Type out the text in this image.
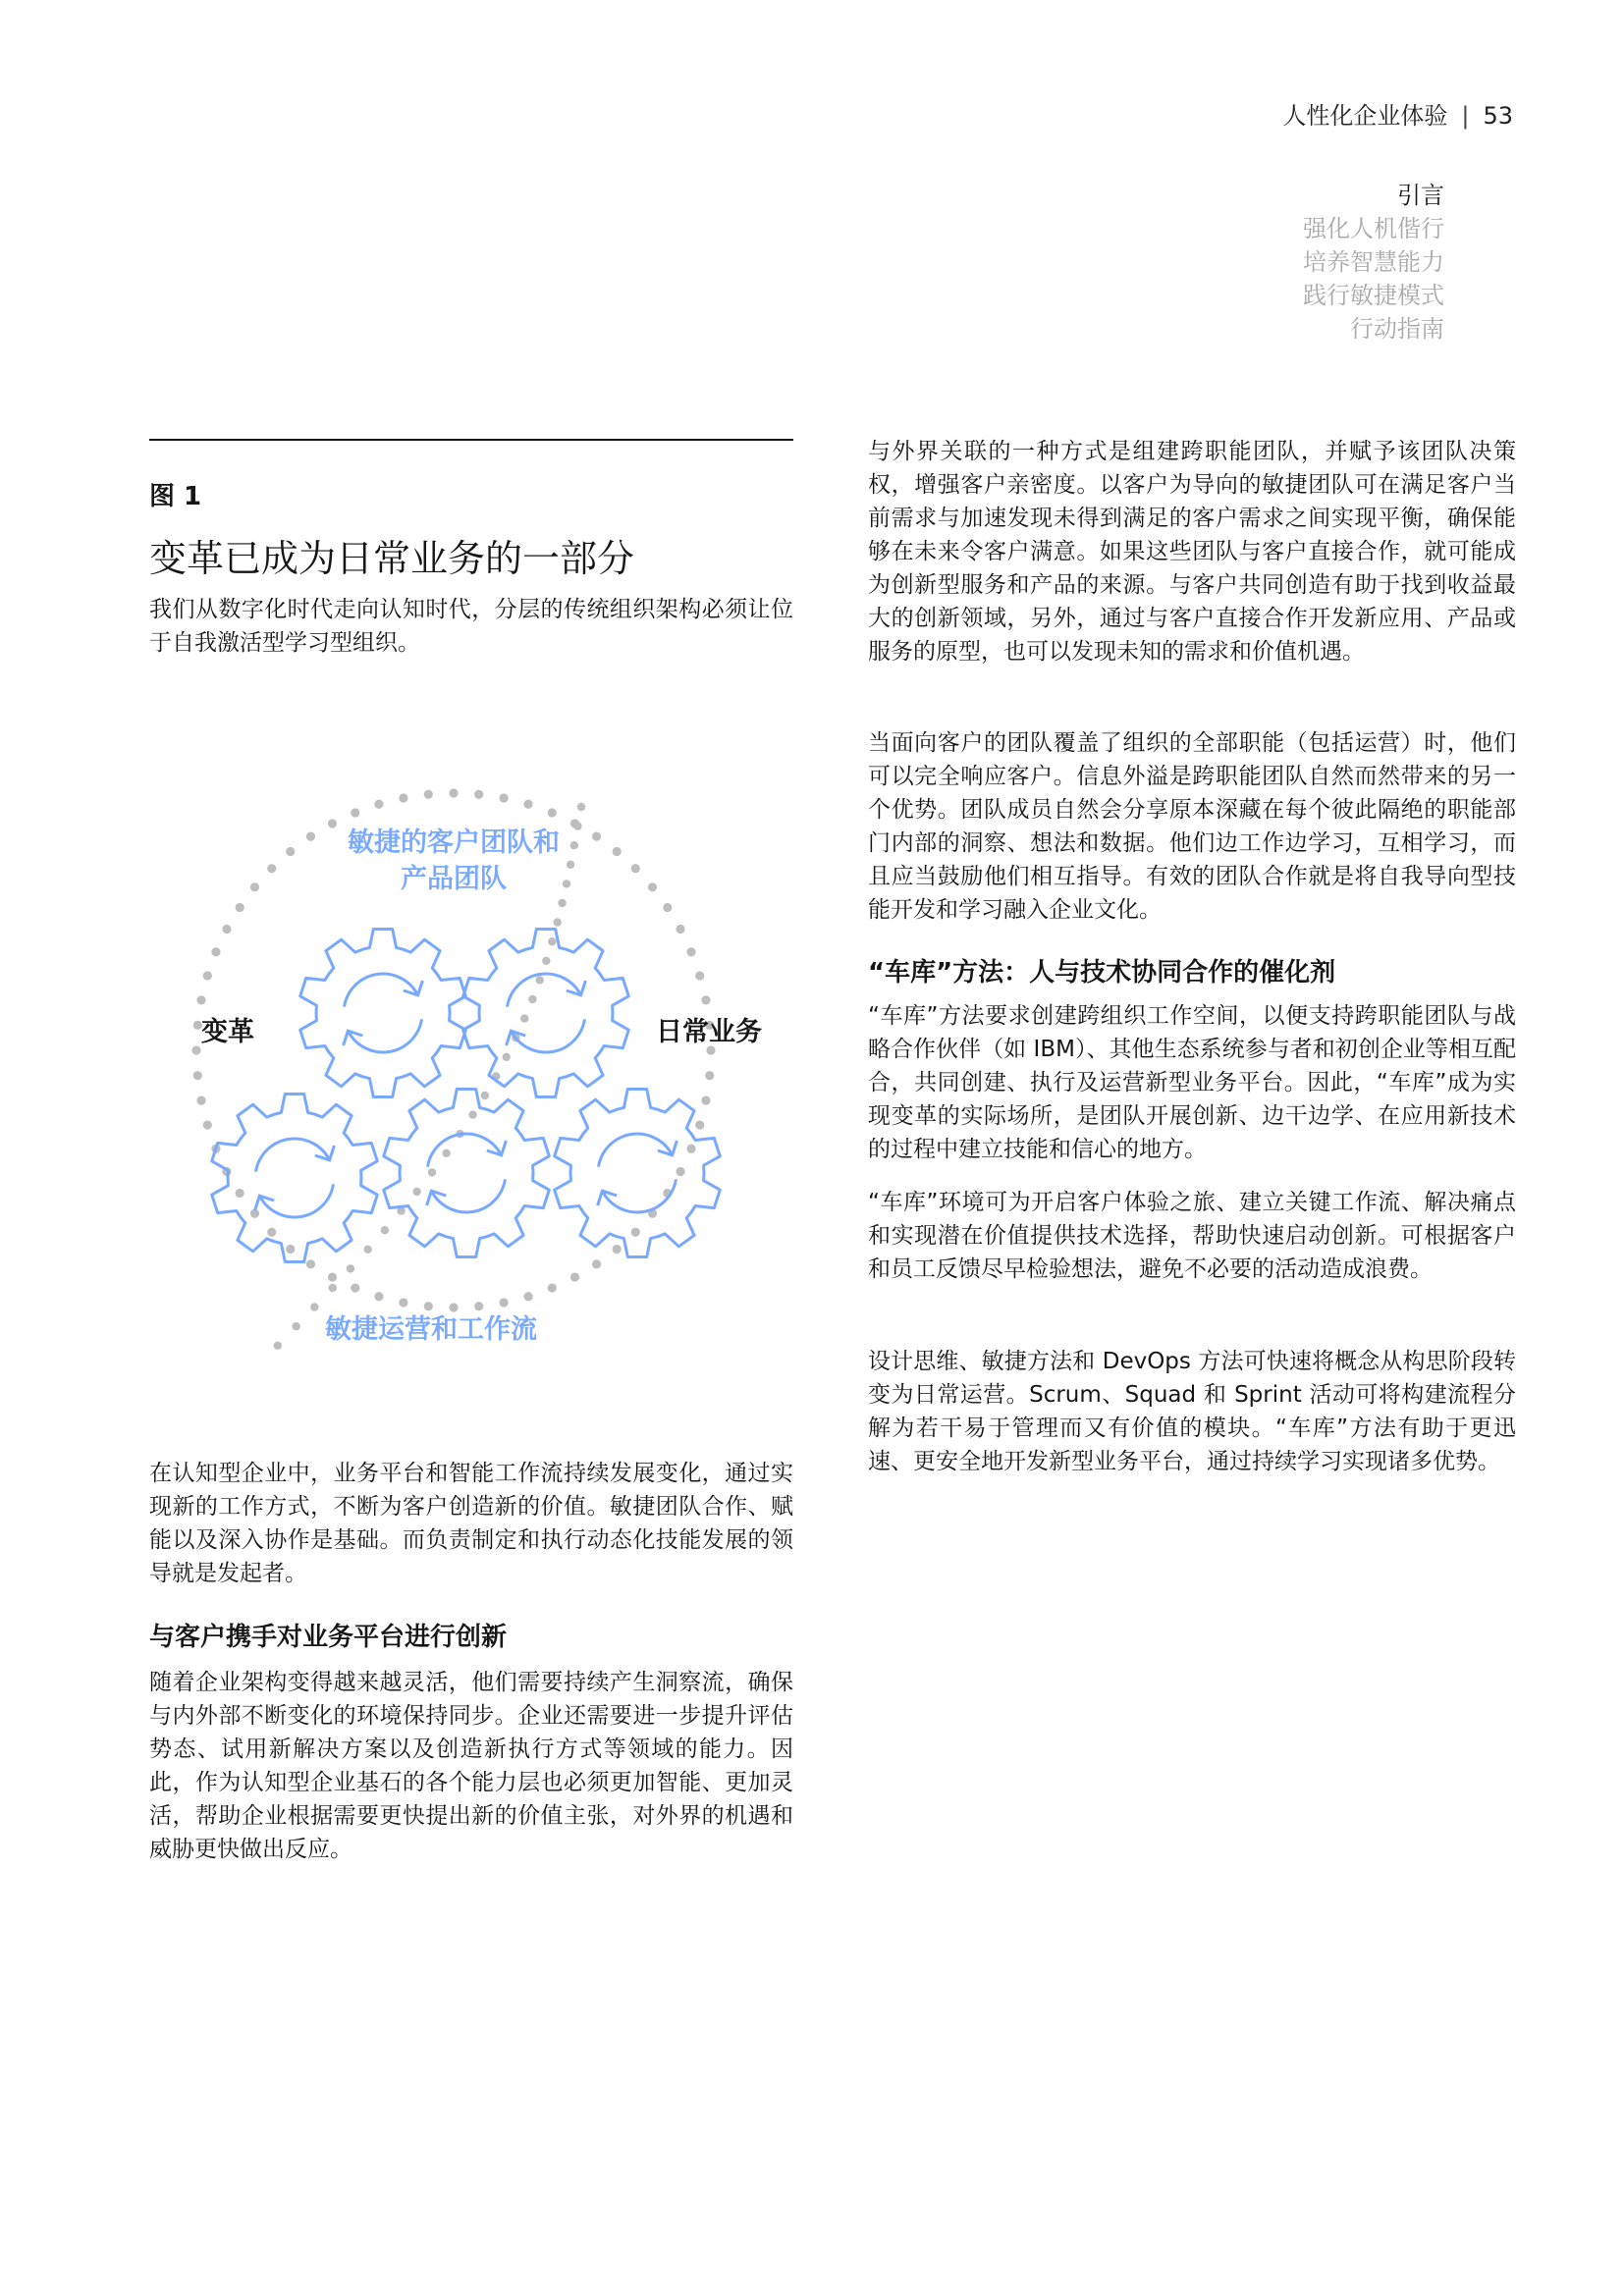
人性化企业体验 | 53
引言
强化人机偕行
培养智慧能力
践行敏捷模式
行动指南
图 1
变革已成为日常业务的一部分
我们从数字化时代走向认知时代，分层的传统组织架构必须让位于自我激活型学习型组织。
敏捷的客户团队和
产品团队
变革	日常业务
敏捷运营和工作流
在认知型企业中，业务平台和智能工作流持续发展变化，通过实现新的工作方式，不断为客户创造新的价值。敏捷团队合作、赋能以及深入协作是基础。而负责制定和执行动态化技能发展的领导就是发起者。
与客户携手对业务平台进行创新
随着企业架构变得越来越灵活，他们需要持续产生洞察流，确保与内外部不断变化的环境保持同步。企业还需要进一步提升评估势态、试用新解决方案以及创造新执行方式等领域的能力。因此，作为认知型企业基石的各个能力层也必须更加智能、更加灵活，帮助企业根据需要更快提出新的价值主张，对外界的机遇和威胁更快做出反应。
与外界关联的一种方式是组建跨职能团队，并赋予该团队决策权，增强客户亲密度。以客户为导向的敏捷团队可在满足客户当前需求与加速发现未得到满足的客户需求之间实现平衡，确保能够在未来令客户满意。如果这些团队与客户直接合作，就可能成为创新型服务和产品的来源。与客户共同创造有助于找到收益最大的创新领域，另外，通过与客户直接合作开发新应用、产品或服务的原型，也可以发现未知的需求和价值机遇。
当面向客户的团队覆盖了组织的全部职能（包括运营）时，他们可以完全响应客户。信息外溢是跨职能团队自然而然带来的另一个优势。团队成员自然会分享原本深藏在每个彼此隔绝的职能部门内部的洞察、想法和数据。他们边工作边学习，互相学习，而且应当鼓励他们相互指导。有效的团队合作就是将自我导向型技能开发和学习融入企业文化。
“车库”方法：人与技术协同合作的催化剂
“车库”方法要求创建跨组织工作空间，以便支持跨职能团队与战略合作伙伴（如 IBM）、其他生态系统参与者和初创企业等相互配合，共同创建、执行及运营新型业务平台。因此，“车库”成为实现变革的实际场所，是团队开展创新、边干边学、在应用新技术的过程中建立技能和信心的地方。
“车库”环境可为开启客户体验之旅、建立关键工作流、解决痛点和实现潜在价值提供技术选择，帮助快速启动创新。可根据客户和员工反馈尽早检验想法，避免不必要的活动造成浪费。
设计思维、敏捷方法和 DevOps 方法可快速将概念从构思阶段转变为日常运营。Scrum、Squad 和 Sprint 活动可将构建流程分解为若干易于管理而又有价值的模块。“车库”方法有助于更迅速、更安全地开发新型业务平台，通过持续学习实现诸多优势。
